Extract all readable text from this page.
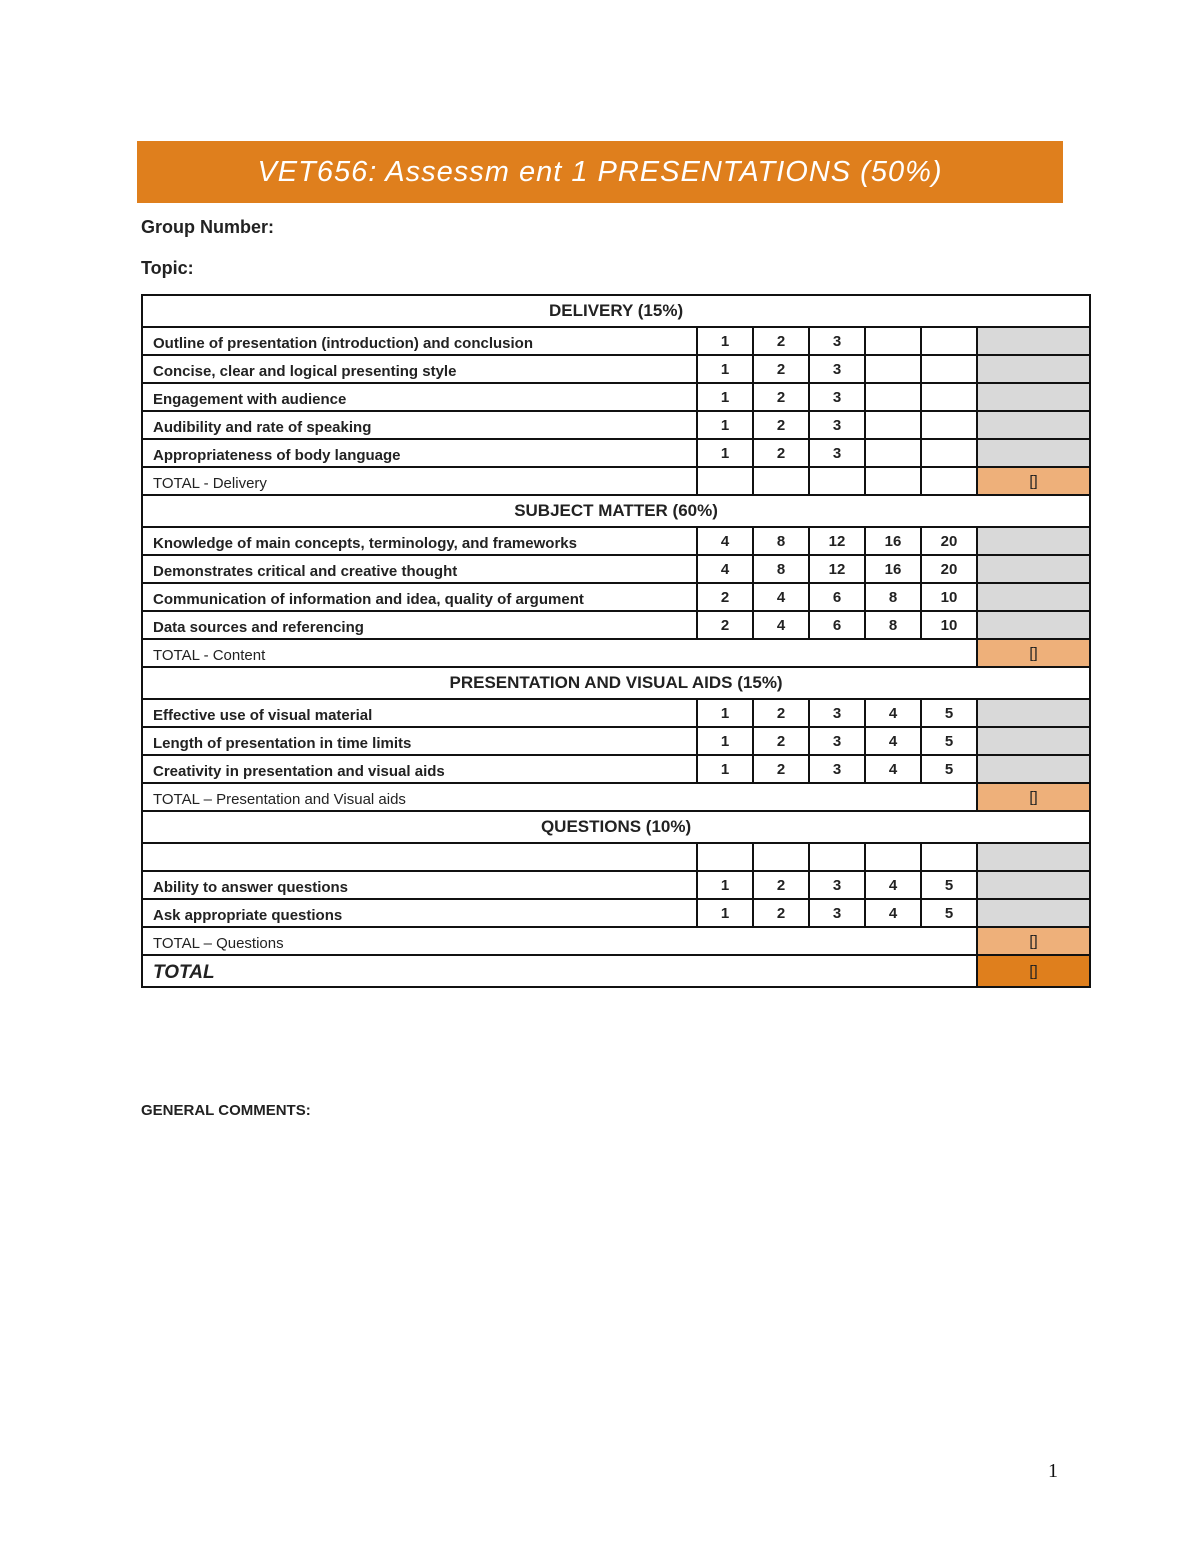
VET656: Assessm ent 1 PRESENTATIONS (50%)
Group Number:
Topic:
DELIVERY (15%)						
Outline of presentation (introduction) and conclusion	1	2	3			
Concise, clear and logical presenting style	1	2	3			
Engagement with audience	1	2	3			
Audibility and rate of speaking	1	2	3			
Appropriateness of body language	1	2	3			
TOTAL - Delivery						[]
SUBJECT MATTER (60%)						
Knowledge of main concepts, terminology, and frameworks	4	8	12	16	20	
Demonstrates critical and creative thought	4	8	12	16	20	
Communication of information and idea, quality of argument	2	4	6	8	10	
Data sources and referencing	2	4	6	8	10	
TOTAL - Content						[]
PRESENTATION AND VISUAL AIDS (15%)						
Effective use of visual material	1	2	3	4	5	
Length of presentation in time limits	1	2	3	4	5	
Creativity in presentation and visual aids	1	2	3	4	5	
TOTAL – Presentation and Visual aids						[]
QUESTIONS (10%)						

Ability to answer questions	1	2	3	4	5	
Ask appropriate questions	1	2	3	4	5	
TOTAL – Questions						[]
TOTAL						[]
GENERAL COMMENTS:
1
